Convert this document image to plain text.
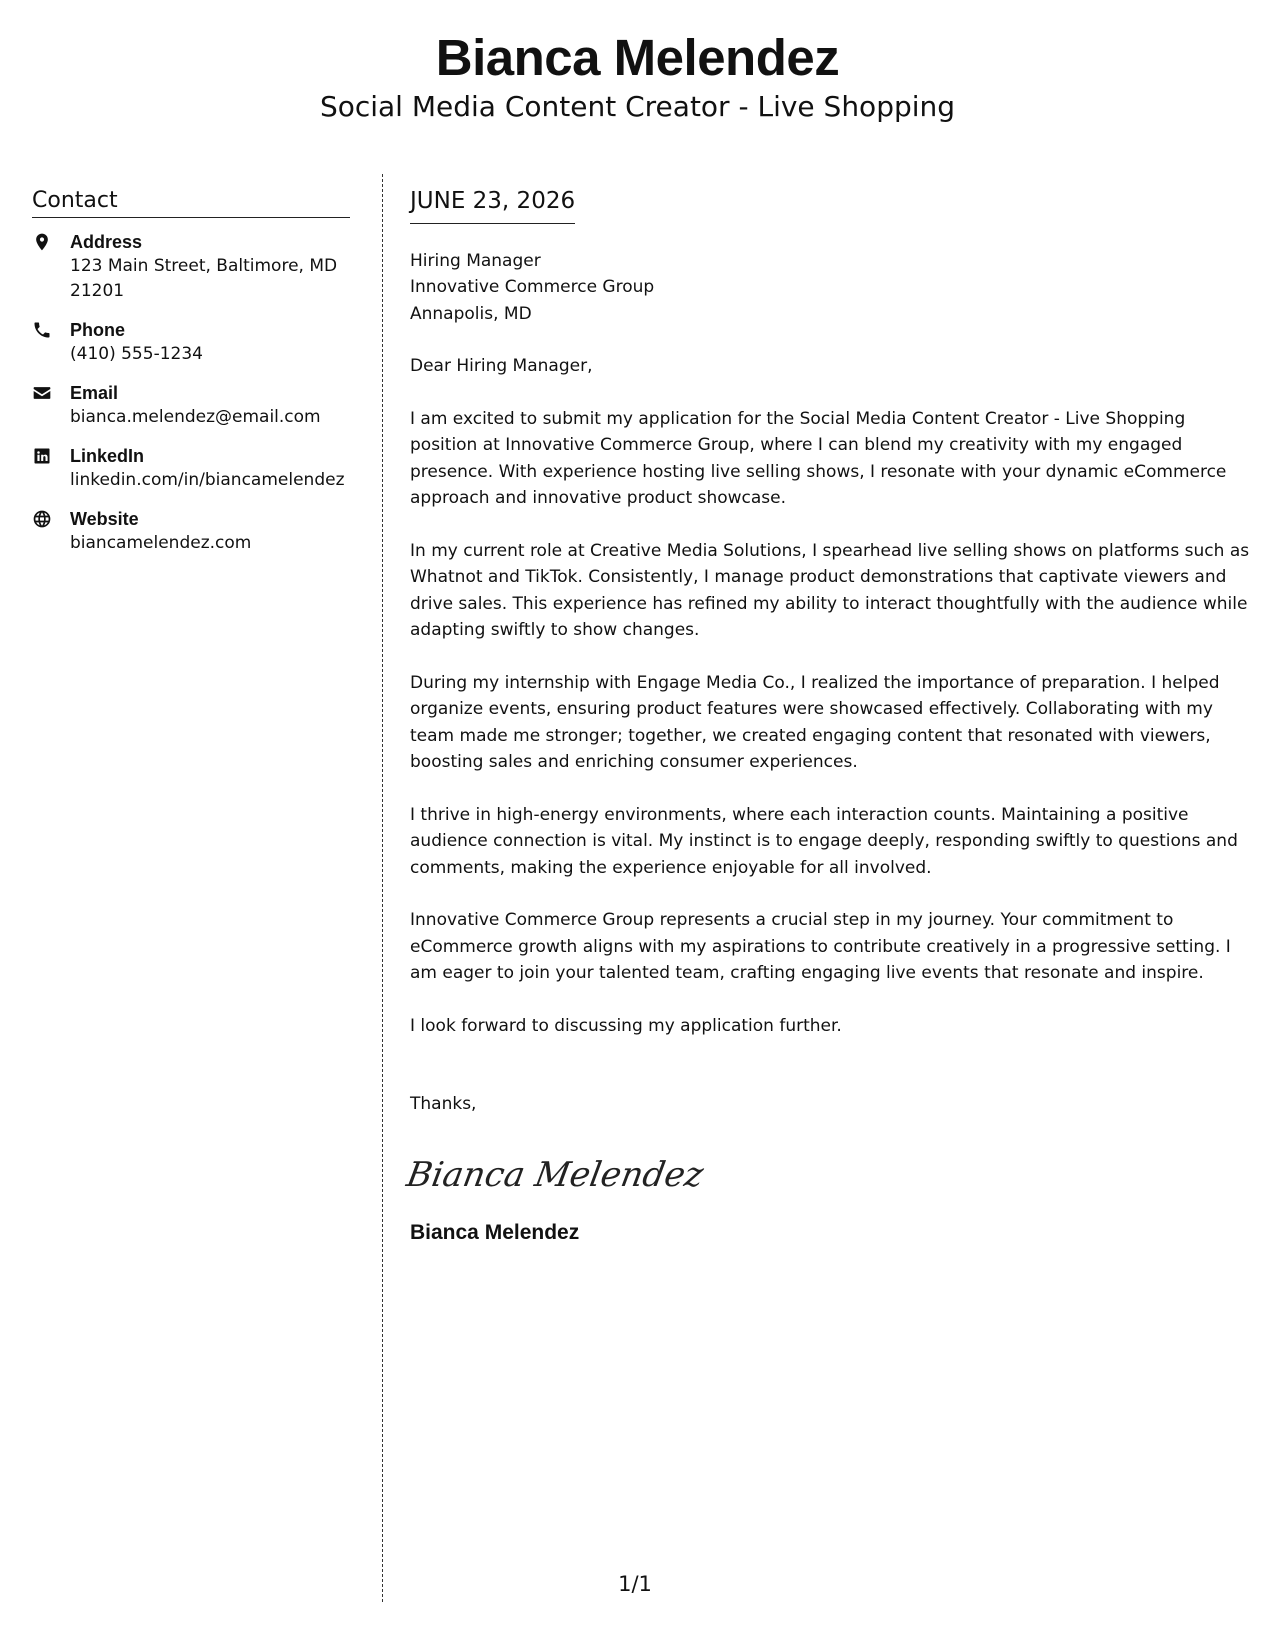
Bianca Melendez
Social Media Content Creator - Live Shopping
Contact
Address
123 Main Street, Baltimore, MD 21201
Phone
(410) 555-1234
Email
bianca.melendez@email.com
LinkedIn
linkedin.com/in/biancamelendez
Website
biancamelendez.com
JUNE 23, 2026
Hiring Manager
Innovative Commerce Group
Annapolis, MD
Dear Hiring Manager,
I am excited to submit my application for the Social Media Content Creator - Live Shopping position at Innovative Commerce Group, where I can blend my creativity with my engaged presence. With experience hosting live selling shows, I resonate with your dynamic eCommerce approach and innovative product showcase.
In my current role at Creative Media Solutions, I spearhead live selling shows on platforms such as Whatnot and TikTok. Consistently, I manage product demonstrations that captivate viewers and drive sales. This experience has refined my ability to interact thoughtfully with the audience while adapting swiftly to show changes.
During my internship with Engage Media Co., I realized the importance of preparation. I helped organize events, ensuring product features were showcased effectively. Collaborating with my team made me stronger; together, we created engaging content that resonated with viewers, boosting sales and enriching consumer experiences.
I thrive in high-energy environments, where each interaction counts. Maintaining a positive audience connection is vital. My instinct is to engage deeply, responding swiftly to questions and comments, making the experience enjoyable for all involved.
Innovative Commerce Group represents a crucial step in my journey. Your commitment to eCommerce growth aligns with my aspirations to contribute creatively in a progressive setting. I am eager to join your talented team, crafting engaging live events that resonate and inspire.
I look forward to discussing my application further.
Thanks,
Bianca Melendez
Bianca Melendez
1/1
